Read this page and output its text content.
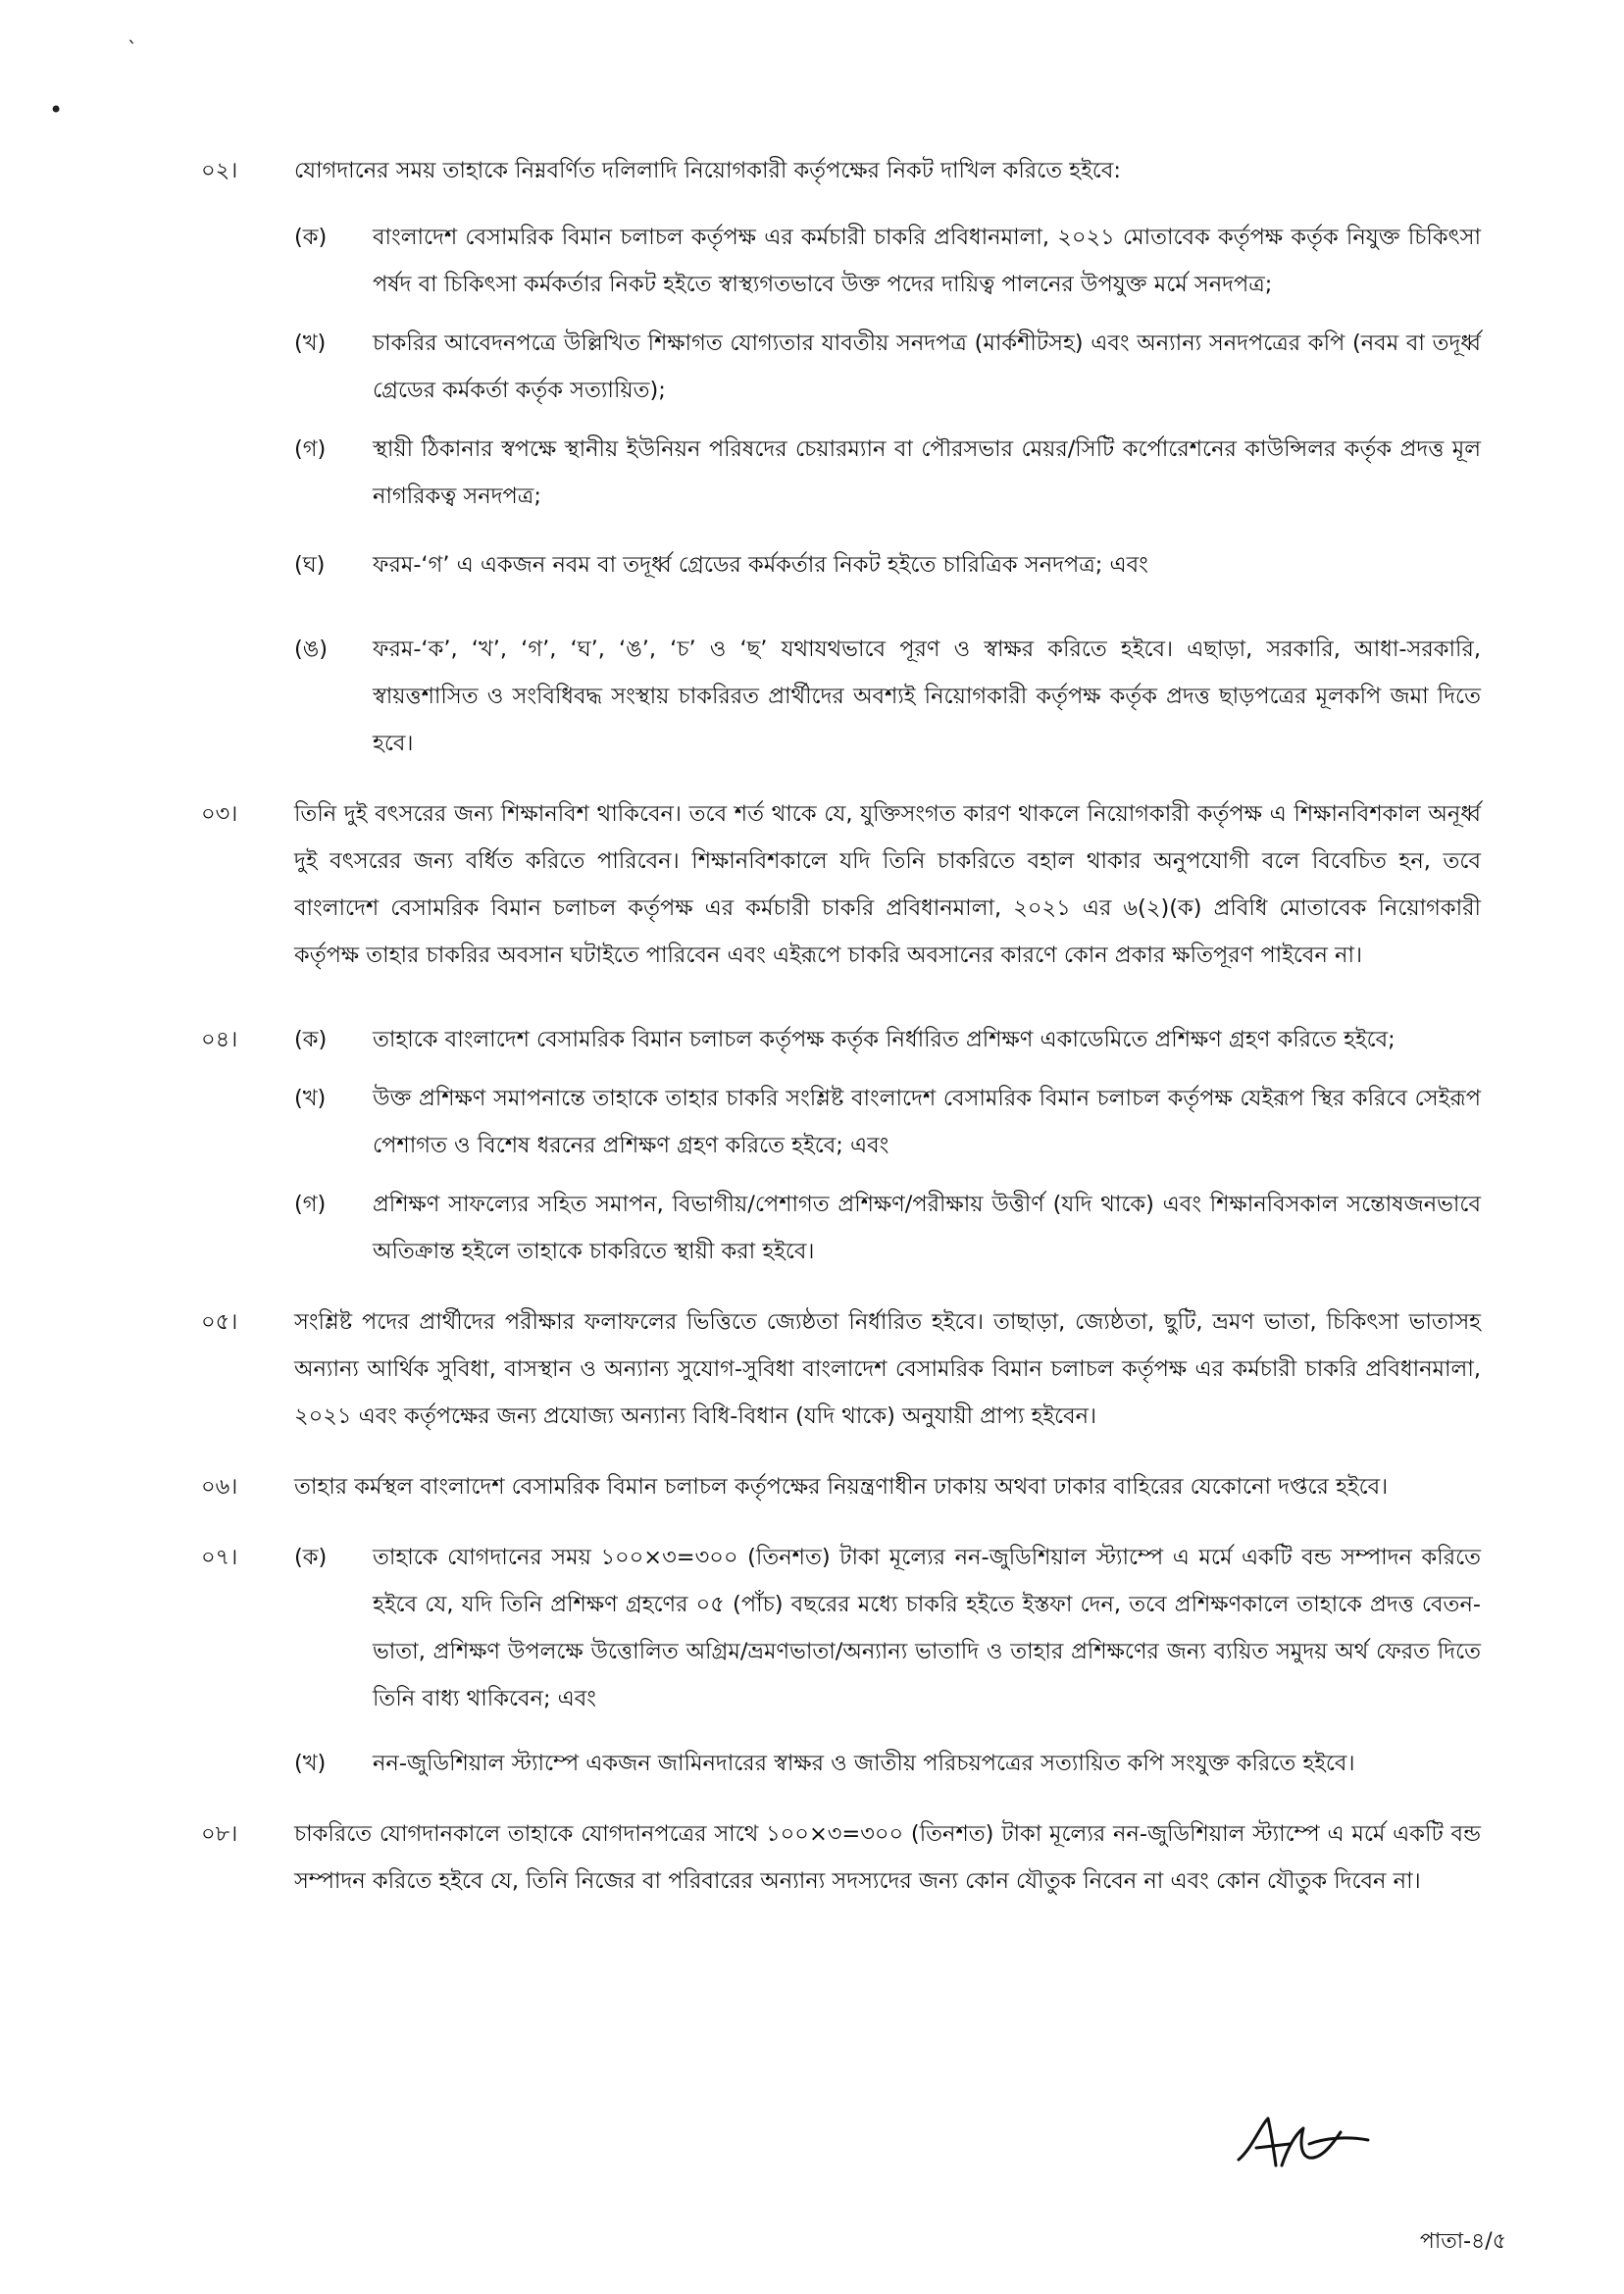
ˋ
•
০২।	যোগদানের সময় তাহাকে নিম্নবর্ণিত দলিলাদি নিয়োগকারী কর্তৃপক্ষের নিকট দাখিল করিতে হইবে:
(ক) বাংলাদেশ বেসামরিক বিমান চলাচল কর্তৃপক্ষ এর কর্মচারী চাকরি প্রবিধানমালা, ২০২১ মোতাবেক কর্তৃপক্ষ কর্তৃক নিযুক্ত চিকিৎসা পর্ষদ বা চিকিৎসা কর্মকর্তার নিকট হইতে স্বাস্থ্যগতভাবে উক্ত পদের দায়িত্ব পালনের উপযুক্ত মর্মে সনদপত্র;
(খ) চাকরির আবেদনপত্রে উল্লিখিত শিক্ষাগত যোগ্যতার যাবতীয় সনদপত্র (মার্কশীটসহ) এবং অন্যান্য সনদপত্রের কপি (নবম বা তদূর্ধ্ব গ্রেডের কর্মকর্তা কর্তৃক সত্যায়িত);
(গ) স্থায়ী ঠিকানার স্বপক্ষে স্থানীয় ইউনিয়ন পরিষদের চেয়ারম্যান বা পৌরসভার মেয়র/সিটি কর্পোরেশনের কাউন্সিলর কর্তৃক প্রদত্ত মূল নাগরিকত্ব সনদপত্র;
(ঘ) ফরম-‘গ’ এ একজন নবম বা তদূর্ধ্ব গ্রেডের কর্মকর্তার নিকট হইতে চারিত্রিক সনদপত্র; এবং
(ঙ) ফরম-‘ক’, ‘খ’, ‘গ’, ‘ঘ’, ‘ঙ’, ‘চ’ ও ‘ছ’ যথাযথভাবে পূরণ ও স্বাক্ষর করিতে হইবে। এছাড়া, সরকারি, আধা-সরকারি, স্বায়ত্তশাসিত ও সংবিধিবদ্ধ সংস্থায় চাকরিরত প্রার্থীদের অবশ্যই নিয়োগকারী কর্তৃপক্ষ কর্তৃক প্রদত্ত ছাড়পত্রের মূলকপি জমা দিতে হবে।
০৩।	তিনি দুই বৎসরের জন্য শিক্ষানবিশ থাকিবেন। তবে শর্ত থাকে যে, যুক্তিসংগত কারণ থাকলে নিয়োগকারী কর্তৃপক্ষ এ শিক্ষানবিশকাল অনূর্ধ্ব দুই বৎসরের জন্য বর্ধিত করিতে পারিবেন। শিক্ষানবিশকালে যদি তিনি চাকরিতে বহাল থাকার অনুপযোগী বলে বিবেচিত হন, তবে বাংলাদেশ বেসামরিক বিমান চলাচল কর্তৃপক্ষ এর কর্মচারী চাকরি প্রবিধানমালা, ২০২১ এর ৬(২)(ক) প্রবিধি মোতাবেক নিয়োগকারী কর্তৃপক্ষ তাহার চাকরির অবসান ঘটাইতে পারিবেন এবং এইরূপে চাকরি অবসানের কারণে কোন প্রকার ক্ষতিপূরণ পাইবেন না।
০৪।	(ক) তাহাকে বাংলাদেশ বেসামরিক বিমান চলাচল কর্তৃপক্ষ কর্তৃক নির্ধারিত প্রশিক্ষণ একাডেমিতে প্রশিক্ষণ গ্রহণ করিতে হইবে;
(খ) উক্ত প্রশিক্ষণ সমাপনান্তে তাহাকে তাহার চাকরি সংশ্লিষ্ট বাংলাদেশ বেসামরিক বিমান চলাচল কর্তৃপক্ষ যেইরূপ স্থির করিবে সেইরূপ পেশাগত ও বিশেষ ধরনের প্রশিক্ষণ গ্রহণ করিতে হইবে; এবং
(গ) প্রশিক্ষণ সাফল্যের সহিত সমাপন, বিভাগীয়/পেশাগত প্রশিক্ষণ/পরীক্ষায় উত্তীর্ণ (যদি থাকে) এবং শিক্ষানবিসকাল সন্তোষজনভাবে অতিক্রান্ত হইলে তাহাকে চাকরিতে স্থায়ী করা হইবে।
০৫।	সংশ্লিষ্ট পদের প্রার্থীদের পরীক্ষার ফলাফলের ভিত্তিতে জ্যেষ্ঠতা নির্ধারিত হইবে। তাছাড়া, জ্যেষ্ঠতা, ছুটি, ভ্রমণ ভাতা, চিকিৎসা ভাতাসহ অন্যান্য আর্থিক সুবিধা, বাসস্থান ও অন্যান্য সুযোগ-সুবিধা বাংলাদেশ বেসামরিক বিমান চলাচল কর্তৃপক্ষ এর কর্মচারী চাকরি প্রবিধানমালা, ২০২১ এবং কর্তৃপক্ষের জন্য প্রযোজ্য অন্যান্য বিধি-বিধান (যদি থাকে) অনুযায়ী প্রাপ্য হইবেন।
০৬।	তাহার কর্মস্থল বাংলাদেশ বেসামরিক বিমান চলাচল কর্তৃপক্ষের নিয়ন্ত্রণাধীন ঢাকায় অথবা ঢাকার বাহিরের যেকোনো দপ্তরে হইবে।
০৭।	(ক) তাহাকে যোগদানের সময় ১০০×৩=৩০০ (তিনশত) টাকা মূল্যের নন-জুডিশিয়াল স্ট্যাম্পে এ মর্মে একটি বন্ড সম্পাদন করিতে হইবে যে, যদি তিনি প্রশিক্ষণ গ্রহণের ০৫ (পাঁচ) বছরের মধ্যে চাকরি হইতে ইস্তফা দেন, তবে প্রশিক্ষণকালে তাহাকে প্রদত্ত বেতন-ভাতা, প্রশিক্ষণ উপলক্ষে উত্তোলিত অগ্রিম/ভ্রমণভাতা/অন্যান্য ভাতাদি ও তাহার প্রশিক্ষণের জন্য ব্যয়িত সমুদয় অর্থ ফেরত দিতে তিনি বাধ্য থাকিবেন; এবং
(খ) নন-জুডিশিয়াল স্ট্যাম্পে একজন জামিনদারের স্বাক্ষর ও জাতীয় পরিচয়পত্রের সত্যায়িত কপি সংযুক্ত করিতে হইবে।
০৮।	চাকরিতে যোগদানকালে তাহাকে যোগদানপত্রের সাথে ১০০×৩=৩০০ (তিনশত) টাকা মূল্যের নন-জুডিশিয়াল স্ট্যাম্পে এ মর্মে একটি বন্ড সম্পাদন করিতে হইবে যে, তিনি নিজের বা পরিবারের অন্যান্য সদস্যদের জন্য কোন যৌতুক নিবেন না এবং কোন যৌতুক দিবেন না।
পাতা-৪/৫
